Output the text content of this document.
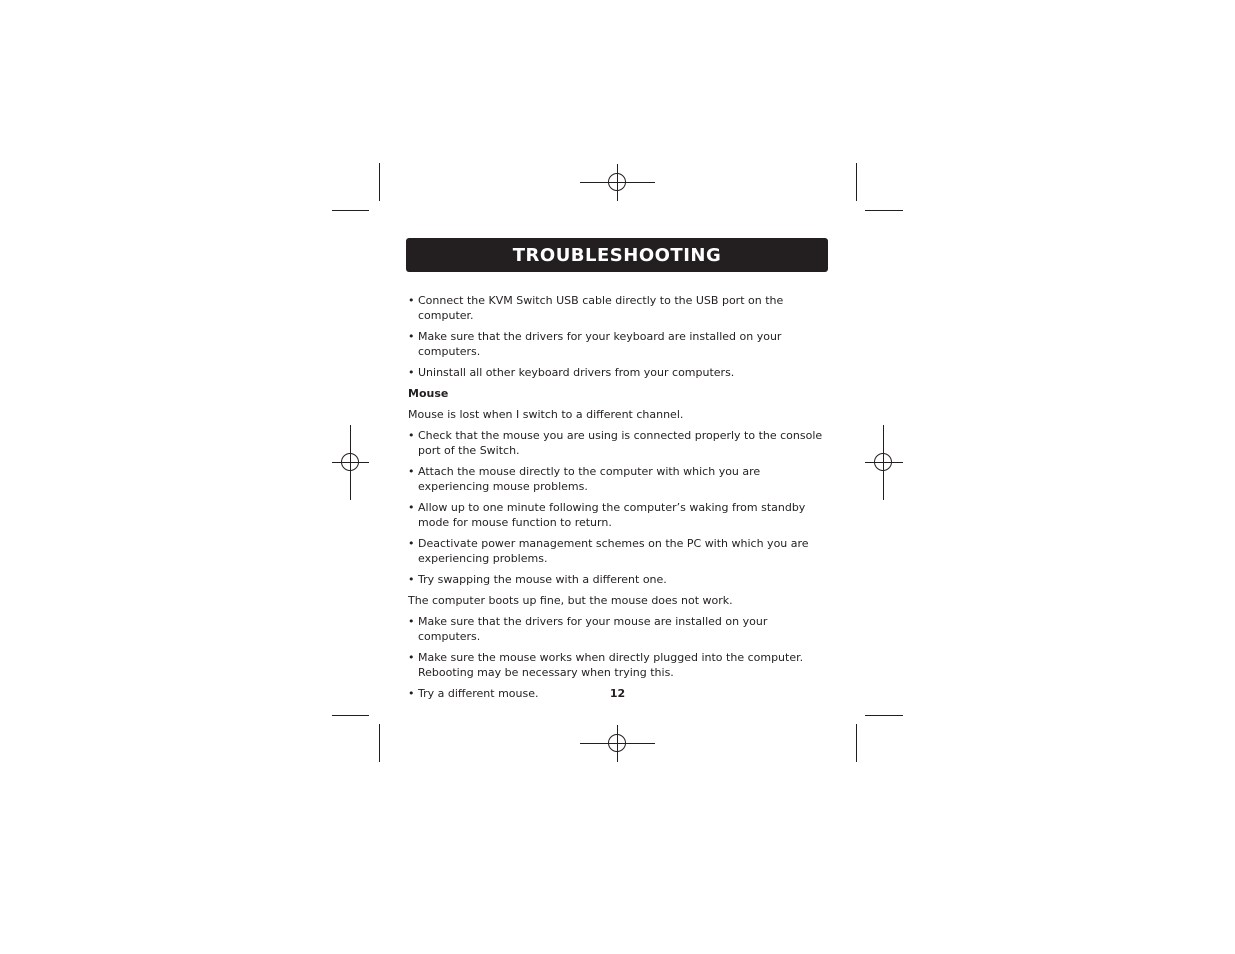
TROUBLESHOOTING
• Connect the KVM Switch USB cable directly to the USB port on the computer.
• Make sure that the drivers for your keyboard are installed on your computers.
• Uninstall all other keyboard drivers from your computers.
Mouse
Mouse is lost when I switch to a different channel.
• Check that the mouse you are using is connected properly to the console port of the Switch.
• Attach the mouse directly to the computer with which you are experiencing mouse problems.
• Allow up to one minute following the computer’s waking from standby mode for mouse function to return.
• Deactivate power management schemes on the PC with which you are experiencing problems.
• Try swapping the mouse with a different one.
The computer boots up fine, but the mouse does not work.
• Make sure that the drivers for your mouse are installed on your computers.
• Make sure the mouse works when directly plugged into the computer. Rebooting may be necessary when trying this.
• Try a different mouse.	12
